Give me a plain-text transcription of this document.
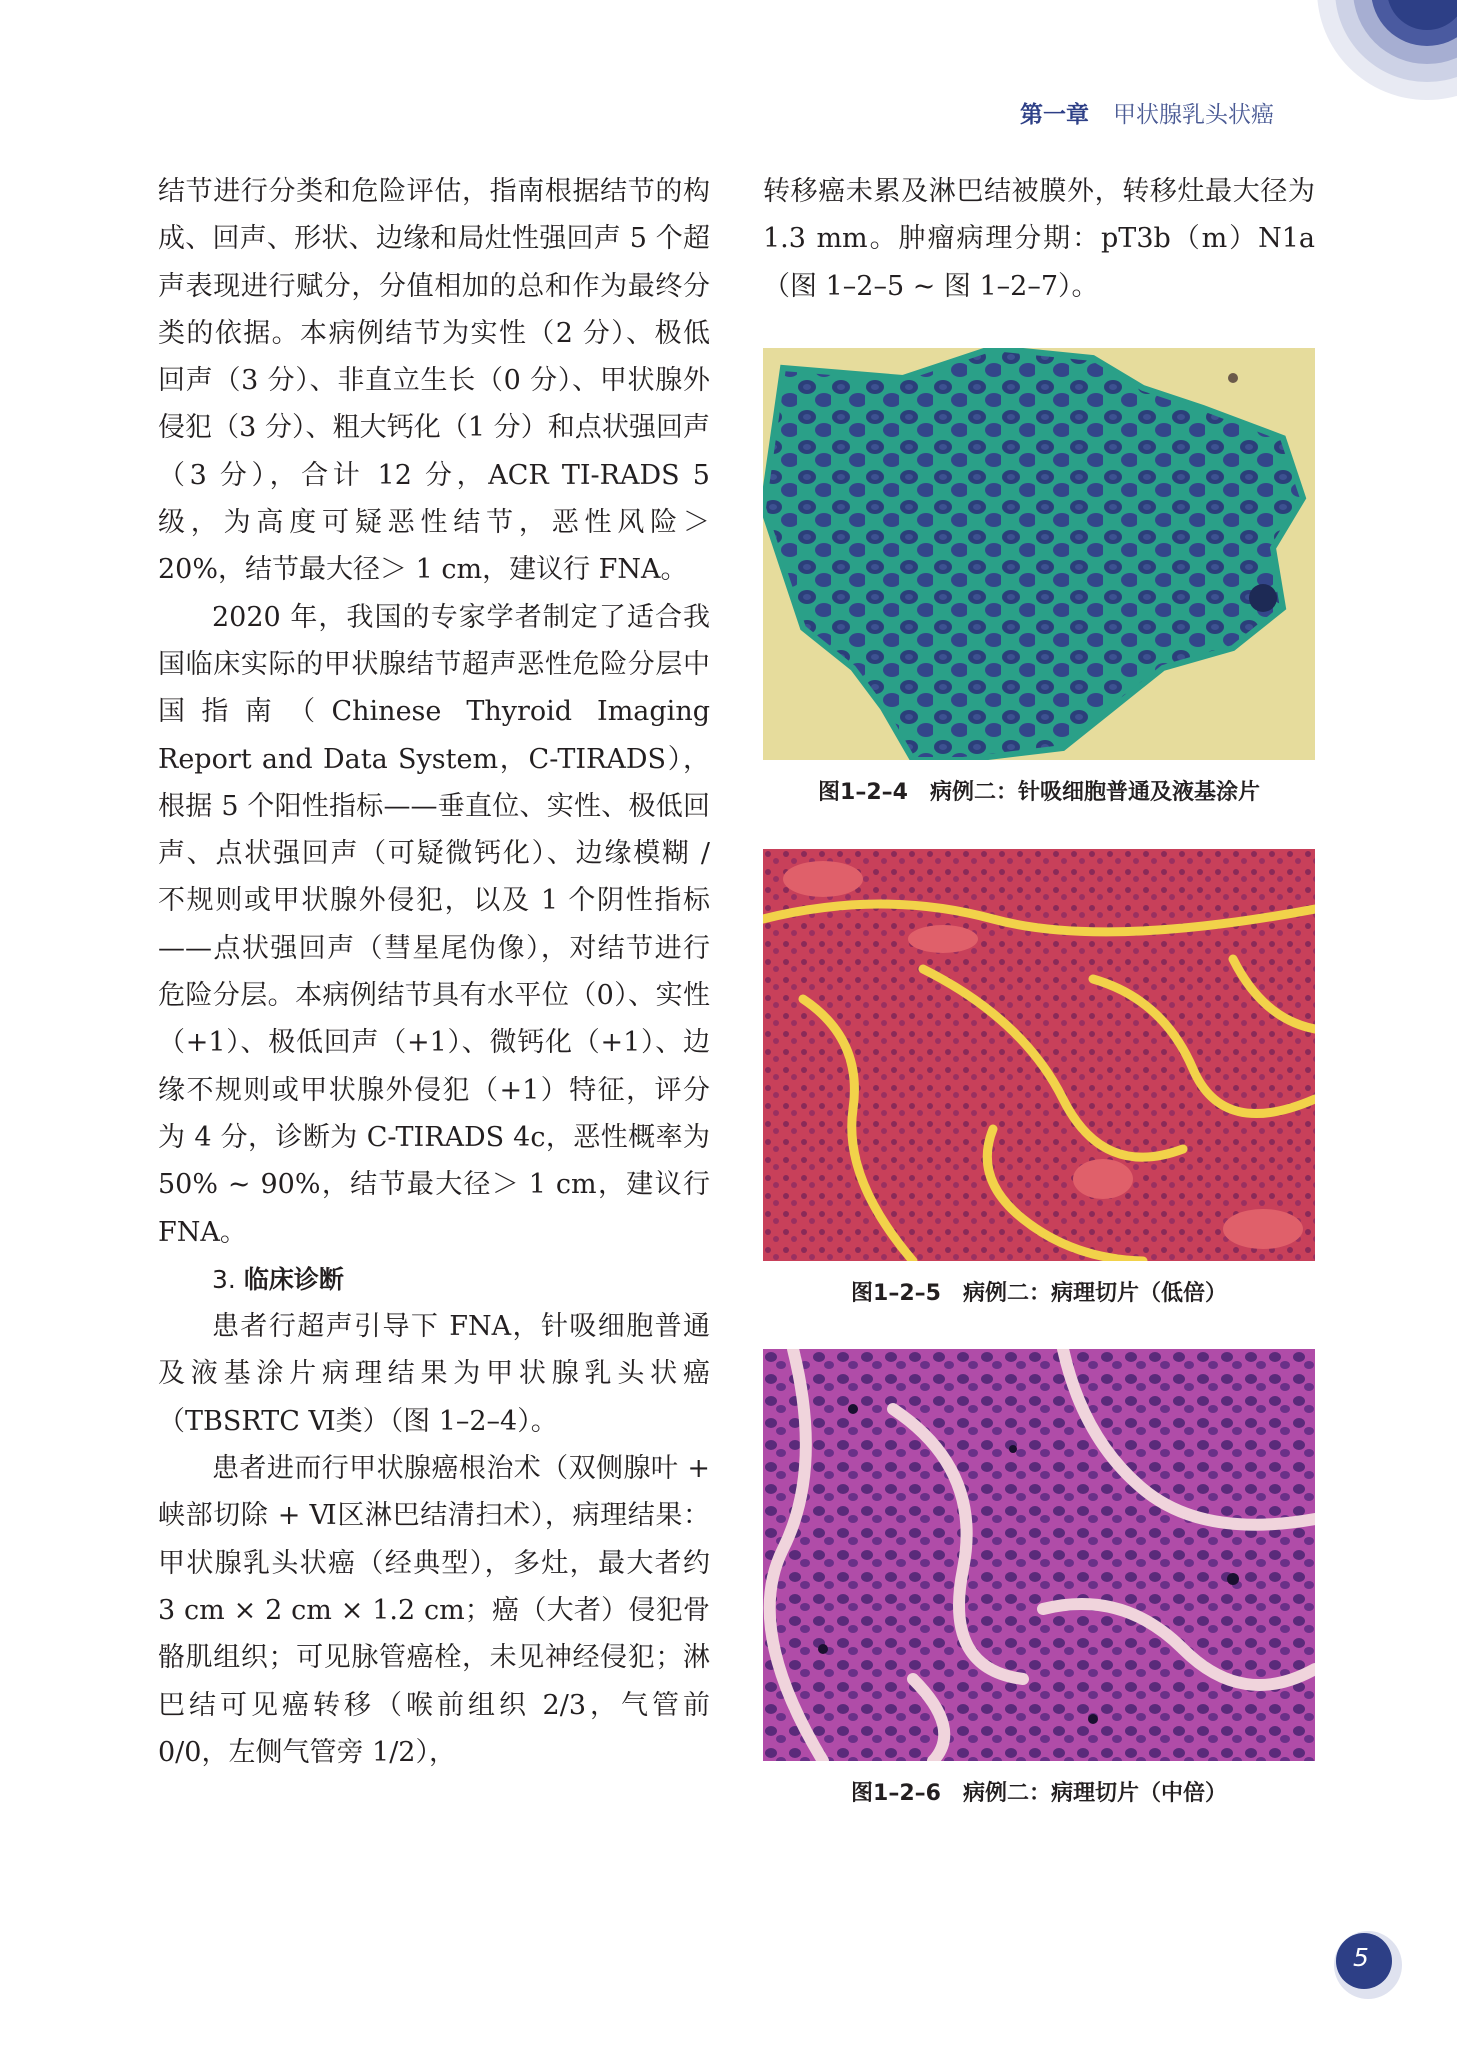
第一章 甲状腺乳头状癌

结节进行分类和危险评估，指南根据结节的构成、回声、形状、边缘和局灶性强回声 5 个超声表现进行赋分，分值相加的总和作为最终分类的依据。本病例结节为实性（2 分）、极低回声（3 分）、非直立生长（0 分）、甲状腺外侵犯（3 分）、粗大钙化（1 分）和点状强回声（3 分），合计 12 分，ACR TI-RADS 5 级，为高度可疑恶性结节，恶性风险＞ 20%，结节最大径＞ 1 cm，建议行 FNA。

2020 年，我国的专家学者制定了适合我国临床实际的甲状腺结节超声恶性危险分层中国指南（Chinese Thyroid Imaging Report and Data System，C-TIRADS），根据 5 个阳性指标——垂直位、实性、极低回声、点状强回声（可疑微钙化）、边缘模糊 / 不规则或甲状腺外侵犯，以及 1 个阴性指标——点状强回声（彗星尾伪像），对结节进行危险分层。本病例结节具有水平位（0）、实性（+1）、极低回声（+1）、微钙化（+1）、边缘不规则或甲状腺外侵犯（+1）特征，评分为 4 分，诊断为 C-TIRADS 4c，恶性概率为 50% ~ 90%，结节最大径＞ 1 cm，建议行 FNA。

3. 临床诊断

患者行超声引导下 FNA，针吸细胞普通及液基涂片病理结果为甲状腺乳头状癌（TBSRTC Ⅵ类）（图 1–2–4）。

患者进而行甲状腺癌根治术（双侧腺叶 + 峡部切除 + Ⅵ区淋巴结清扫术），病理结果：甲状腺乳头状癌（经典型），多灶，最大者约 3 cm × 2 cm × 1.2 cm；癌（大者）侵犯骨骼肌组织；可见脉管癌栓，未见神经侵犯；淋巴结可见癌转移（喉前组织 2/3，气管前 0/0，左侧气管旁 1/2），

转移癌未累及淋巴结被膜外，转移灶最大径为 1.3 mm。肿瘤病理分期：pT3b（m）N1a（图 1–2–5 ~ 图 1–2–7）。

图1–2–4 病例二：针吸细胞普通及液基涂片
图1–2–5 病例二：病理切片（低倍）
图1–2–6 病例二：病理切片（中倍）
5
